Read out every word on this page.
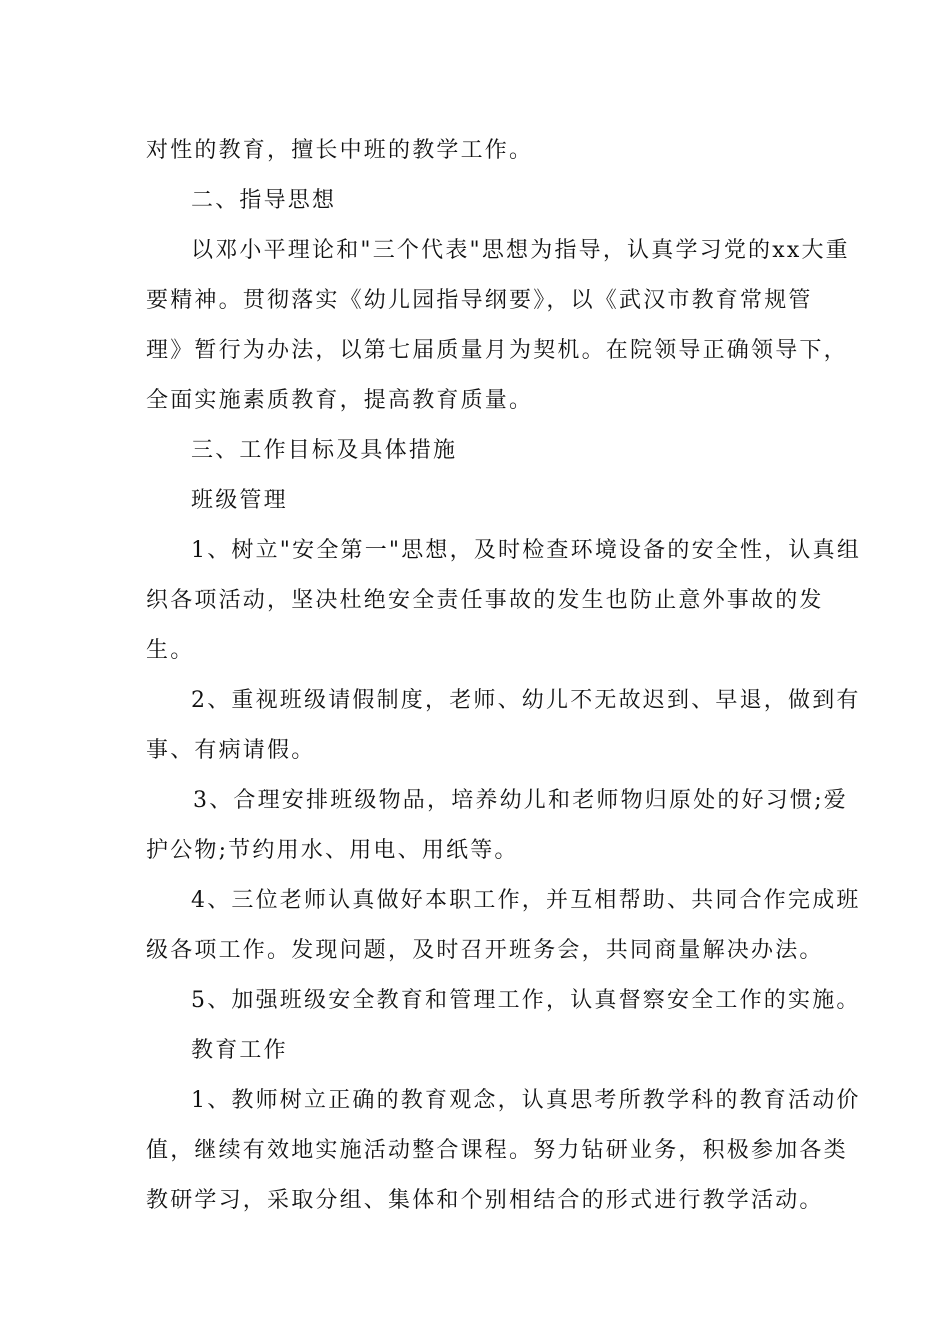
对性的教育，擅长中班的教学工作。
二、指导思想
以邓小平理论和"三个代表"思想为指导，认真学习党的xx大重
要精神。贯彻落实《幼儿园指导纲要》，以《武汉市教育常规管
理》暂行为办法，以第七届质量月为契机。在院领导正确领导下，
全面实施素质教育，提高教育质量。
三、工作目标及具体措施
班级管理
1、树立"安全第一"思想，及时检查环境设备的安全性，认真组
织各项活动，坚决杜绝安全责任事故的发生也防止意外事故的发
生。
2、重视班级请假制度，老师、幼儿不无故迟到、早退，做到有
事、有病请假。
3、合理安排班级物品，培养幼儿和老师物归原处的好习惯;爱
护公物;节约用水、用电、用纸等。
4、三位老师认真做好本职工作，并互相帮助、共同合作完成班
级各项工作。发现问题，及时召开班务会，共同商量解决办法。
5、加强班级安全教育和管理工作，认真督察安全工作的实施。
教育工作
1、教师树立正确的教育观念，认真思考所教学科的教育活动价
值，继续有效地实施活动整合课程。努力钻研业务，积极参加各类
教研学习，采取分组、集体和个别相结合的形式进行教学活动。
